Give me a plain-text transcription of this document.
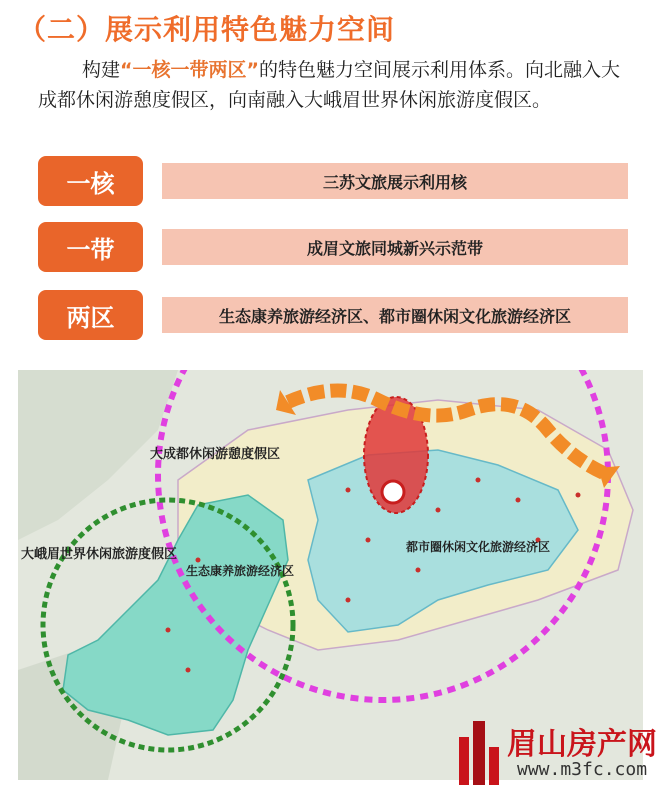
（二）展示利用特色魅力空间

构建“一核一带两区”的特色魅力空间展示利用体系。向北融入大成都休闲游憩度假区，向南融入大峨眉世界休闲旅游度假区。

一核	三苏文旅展示利用核
一带	成眉文旅同城新兴示范带
两区	生态康养旅游经济区、都市圈休闲文化旅游经济区
大成都休闲游憩度假区
大峨眉世界休闲旅游度假区
生态康养旅游经济区
都市圈休闲文化旅游经济区
眉山房产网
www.m3fc.com
